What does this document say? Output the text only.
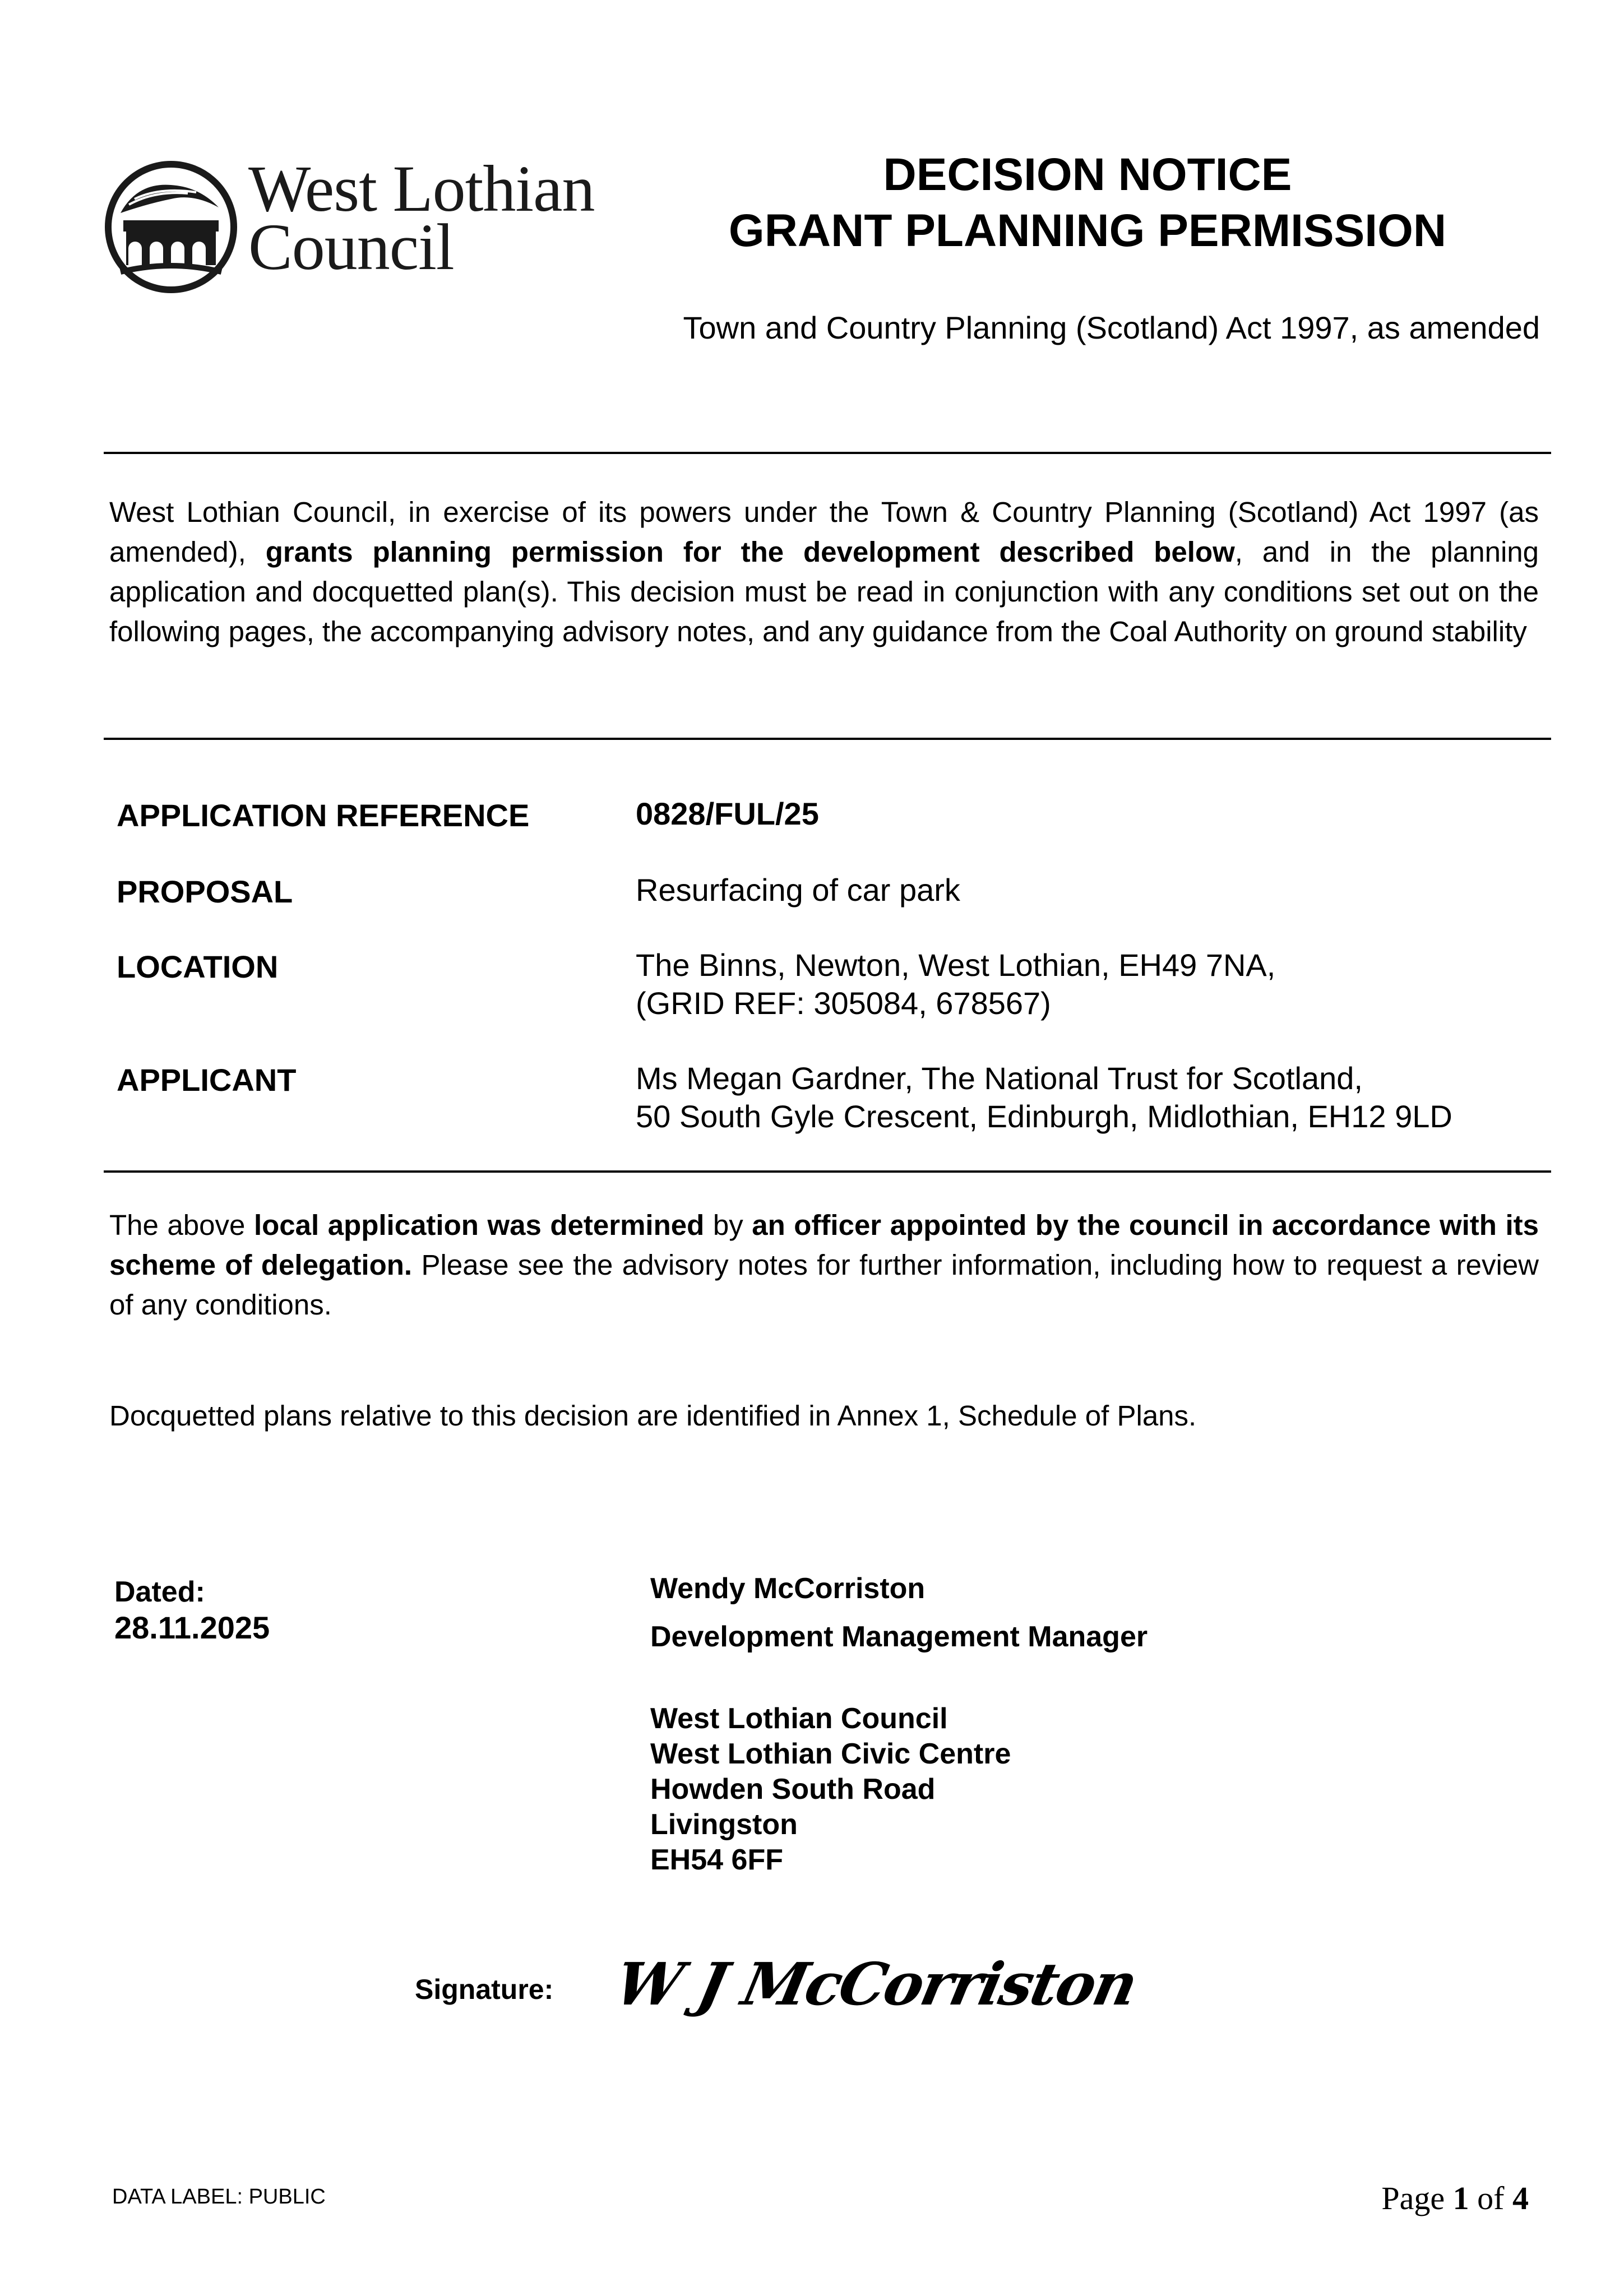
West Lothian
Council
DECISION NOTICE
GRANT PLANNING PERMISSION
Town and Country Planning (Scotland) Act 1997, as amended
West Lothian Council, in exercise of its powers under the Town & Country Planning (Scotland) Act 1997 (as amended), grants planning permission for the development described below, and in the planning application and docquetted plan(s). This decision must be read in conjunction with any conditions set out on the following pages, the accompanying advisory notes, and any guidance from the Coal Authority on ground stability
APPLICATION REFERENCE	0828/FUL/25
PROPOSAL	Resurfacing of car park
LOCATION	The Binns, Newton, West Lothian, EH49 7NA,
(GRID REF: 305084, 678567)
APPLICANT	Ms Megan Gardner, The National Trust for Scotland,
50 South Gyle Crescent, Edinburgh, Midlothian, EH12 9LD
The above local application was determined by an officer appointed by the council in accordance with its scheme of delegation. Please see the advisory notes for further information, including how to request a review of any conditions.
Docquetted plans relative to this decision are identified in Annex 1, Schedule of Plans.
Dated:
28.11.2025
Wendy McCorriston
Development Management Manager
West Lothian Council
West Lothian Civic Centre
Howden South Road
Livingston
EH54 6FF
Signature: W J McCorriston
DATA LABEL: PUBLIC	Page 1 of 4
